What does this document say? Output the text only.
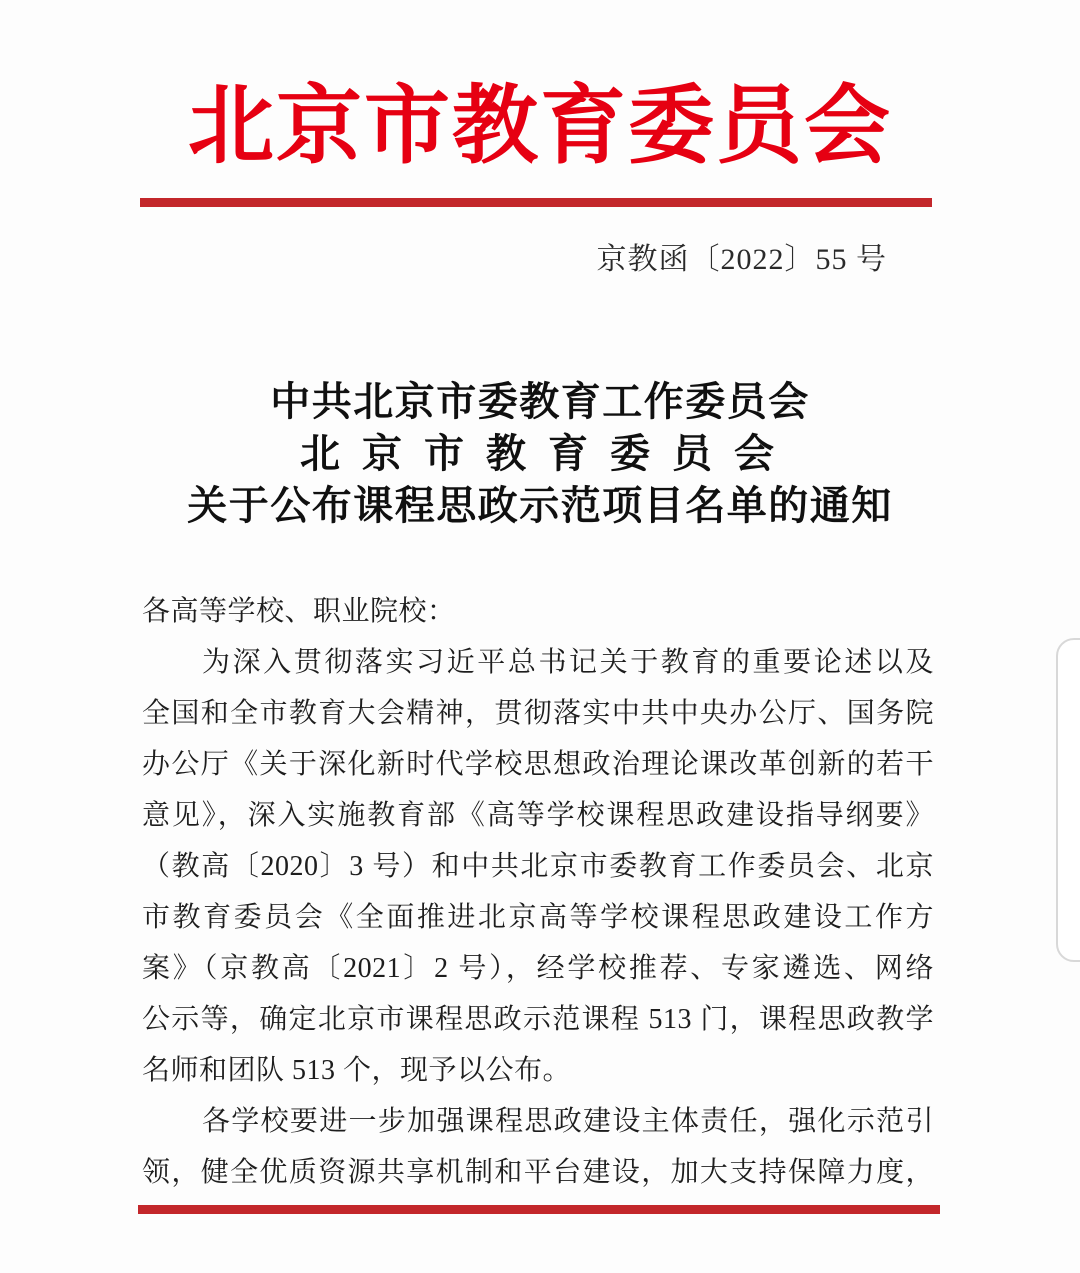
北京市教育委员会
京教函〔2022〕55 号
中共北京市委教育工作委员会
北 京 市 教 育 委 员 会
关于公布课程思政示范项目名单的通知
各高等学校、职业院校：
为深入贯彻落实习近平总书记关于教育的重要论述以及
全国和全市教育大会精神，贯彻落实中共中央办公厅、国务院
办公厅《关于深化新时代学校思想政治理论课改革创新的若干
意见》，深入实施教育部《高等学校课程思政建设指导纲要》
（教高〔2020〕3 号）和中共北京市委教育工作委员会、北京
市教育委员会《全面推进北京高等学校课程思政建设工作方
案》（京教高〔2021〕2 号），经学校推荐、专家遴选、网络
公示等，确定北京市课程思政示范课程 513 门，课程思政教学
名师和团队 513 个，现予以公布。
各学校要进一步加强课程思政建设主体责任，强化示范引
领，健全优质资源共享机制和平台建设，加大支持保障力度，
